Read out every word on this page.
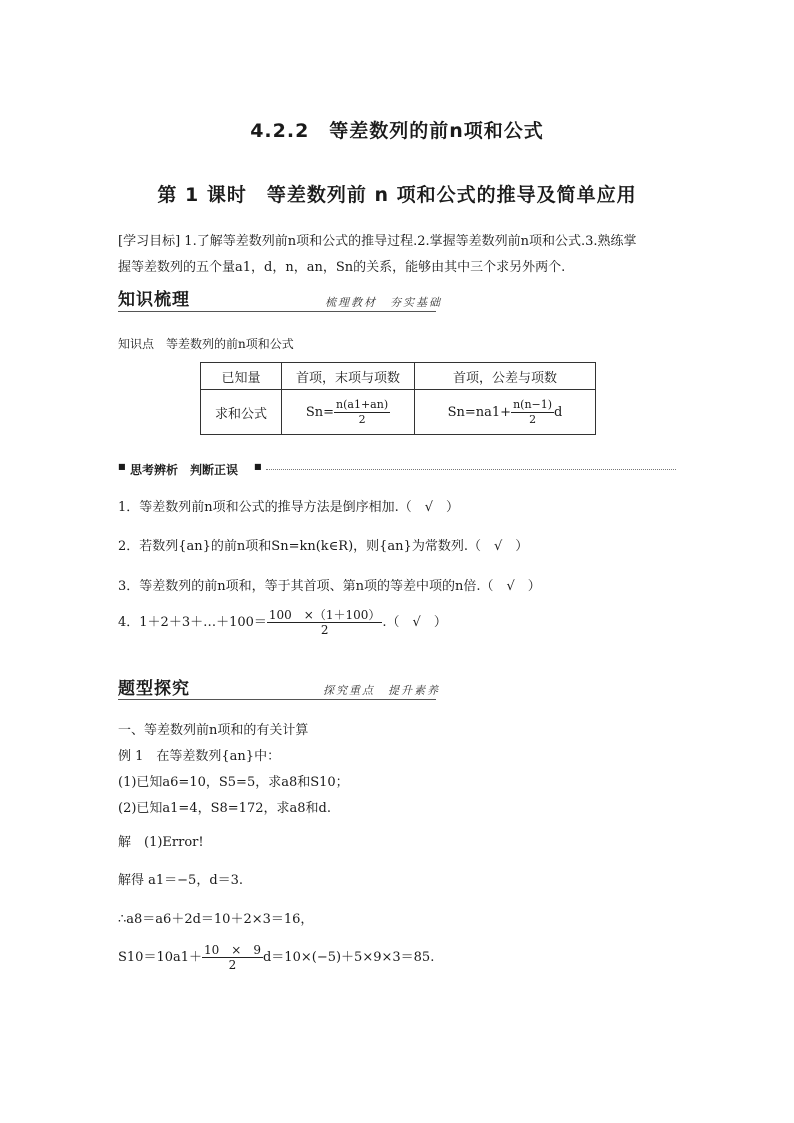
4.2.2　等差数列的前n项和公式
第 1 课时　等差数列前 n 项和公式的推导及简单应用
[学习目标] 1.了解等差数列前n项和公式的推导过程.2.掌握等差数列前n项和公式.3.熟练掌
握等差数列的五个量a1，d，n，an，Sn的关系，能够由其中三个求另外两个.
知识梳理	梳理教材　夯实基础
知识点　等差数列的前n项和公式
已知量	首项，末项与项数	首项，公差与项数
求和公式	$Sn= \frac{n(a1+an)}{2}$	$Sn=na1+ \frac{n(n-1)}{2}$ d
■ 思考辨析　判断正误 ■
1．等差数列前n项和公式的推导方法是倒序相加.（　√　）
2．若数列{an}的前n项和Sn=kn(k∈R)，则{an}为常数列.（　√　）
3．等差数列的前n项和，等于其首项、第n项的等差中项的n倍.（　√　）
4．1＋2＋3＋…＋100＝ $\frac{100 \times(1+100)}{2}$ .（　√　）
题型探究	探究重点　提升素养
一、等差数列前n项和的有关计算
例 1　在等差数列{an}中：
(1)已知a6=10，S5=5，求a8和S10；
(2)已知a1=4，S8=172，求a8和d.
解　(1)Error!
解得 a1＝−5，d＝3.
∴a8＝a6＋2d＝10＋2×3＝16，
$S10=10a1+ \frac{10 \times 9}{2} d=10\times(-5)+5\times 9\times 3=85$.
